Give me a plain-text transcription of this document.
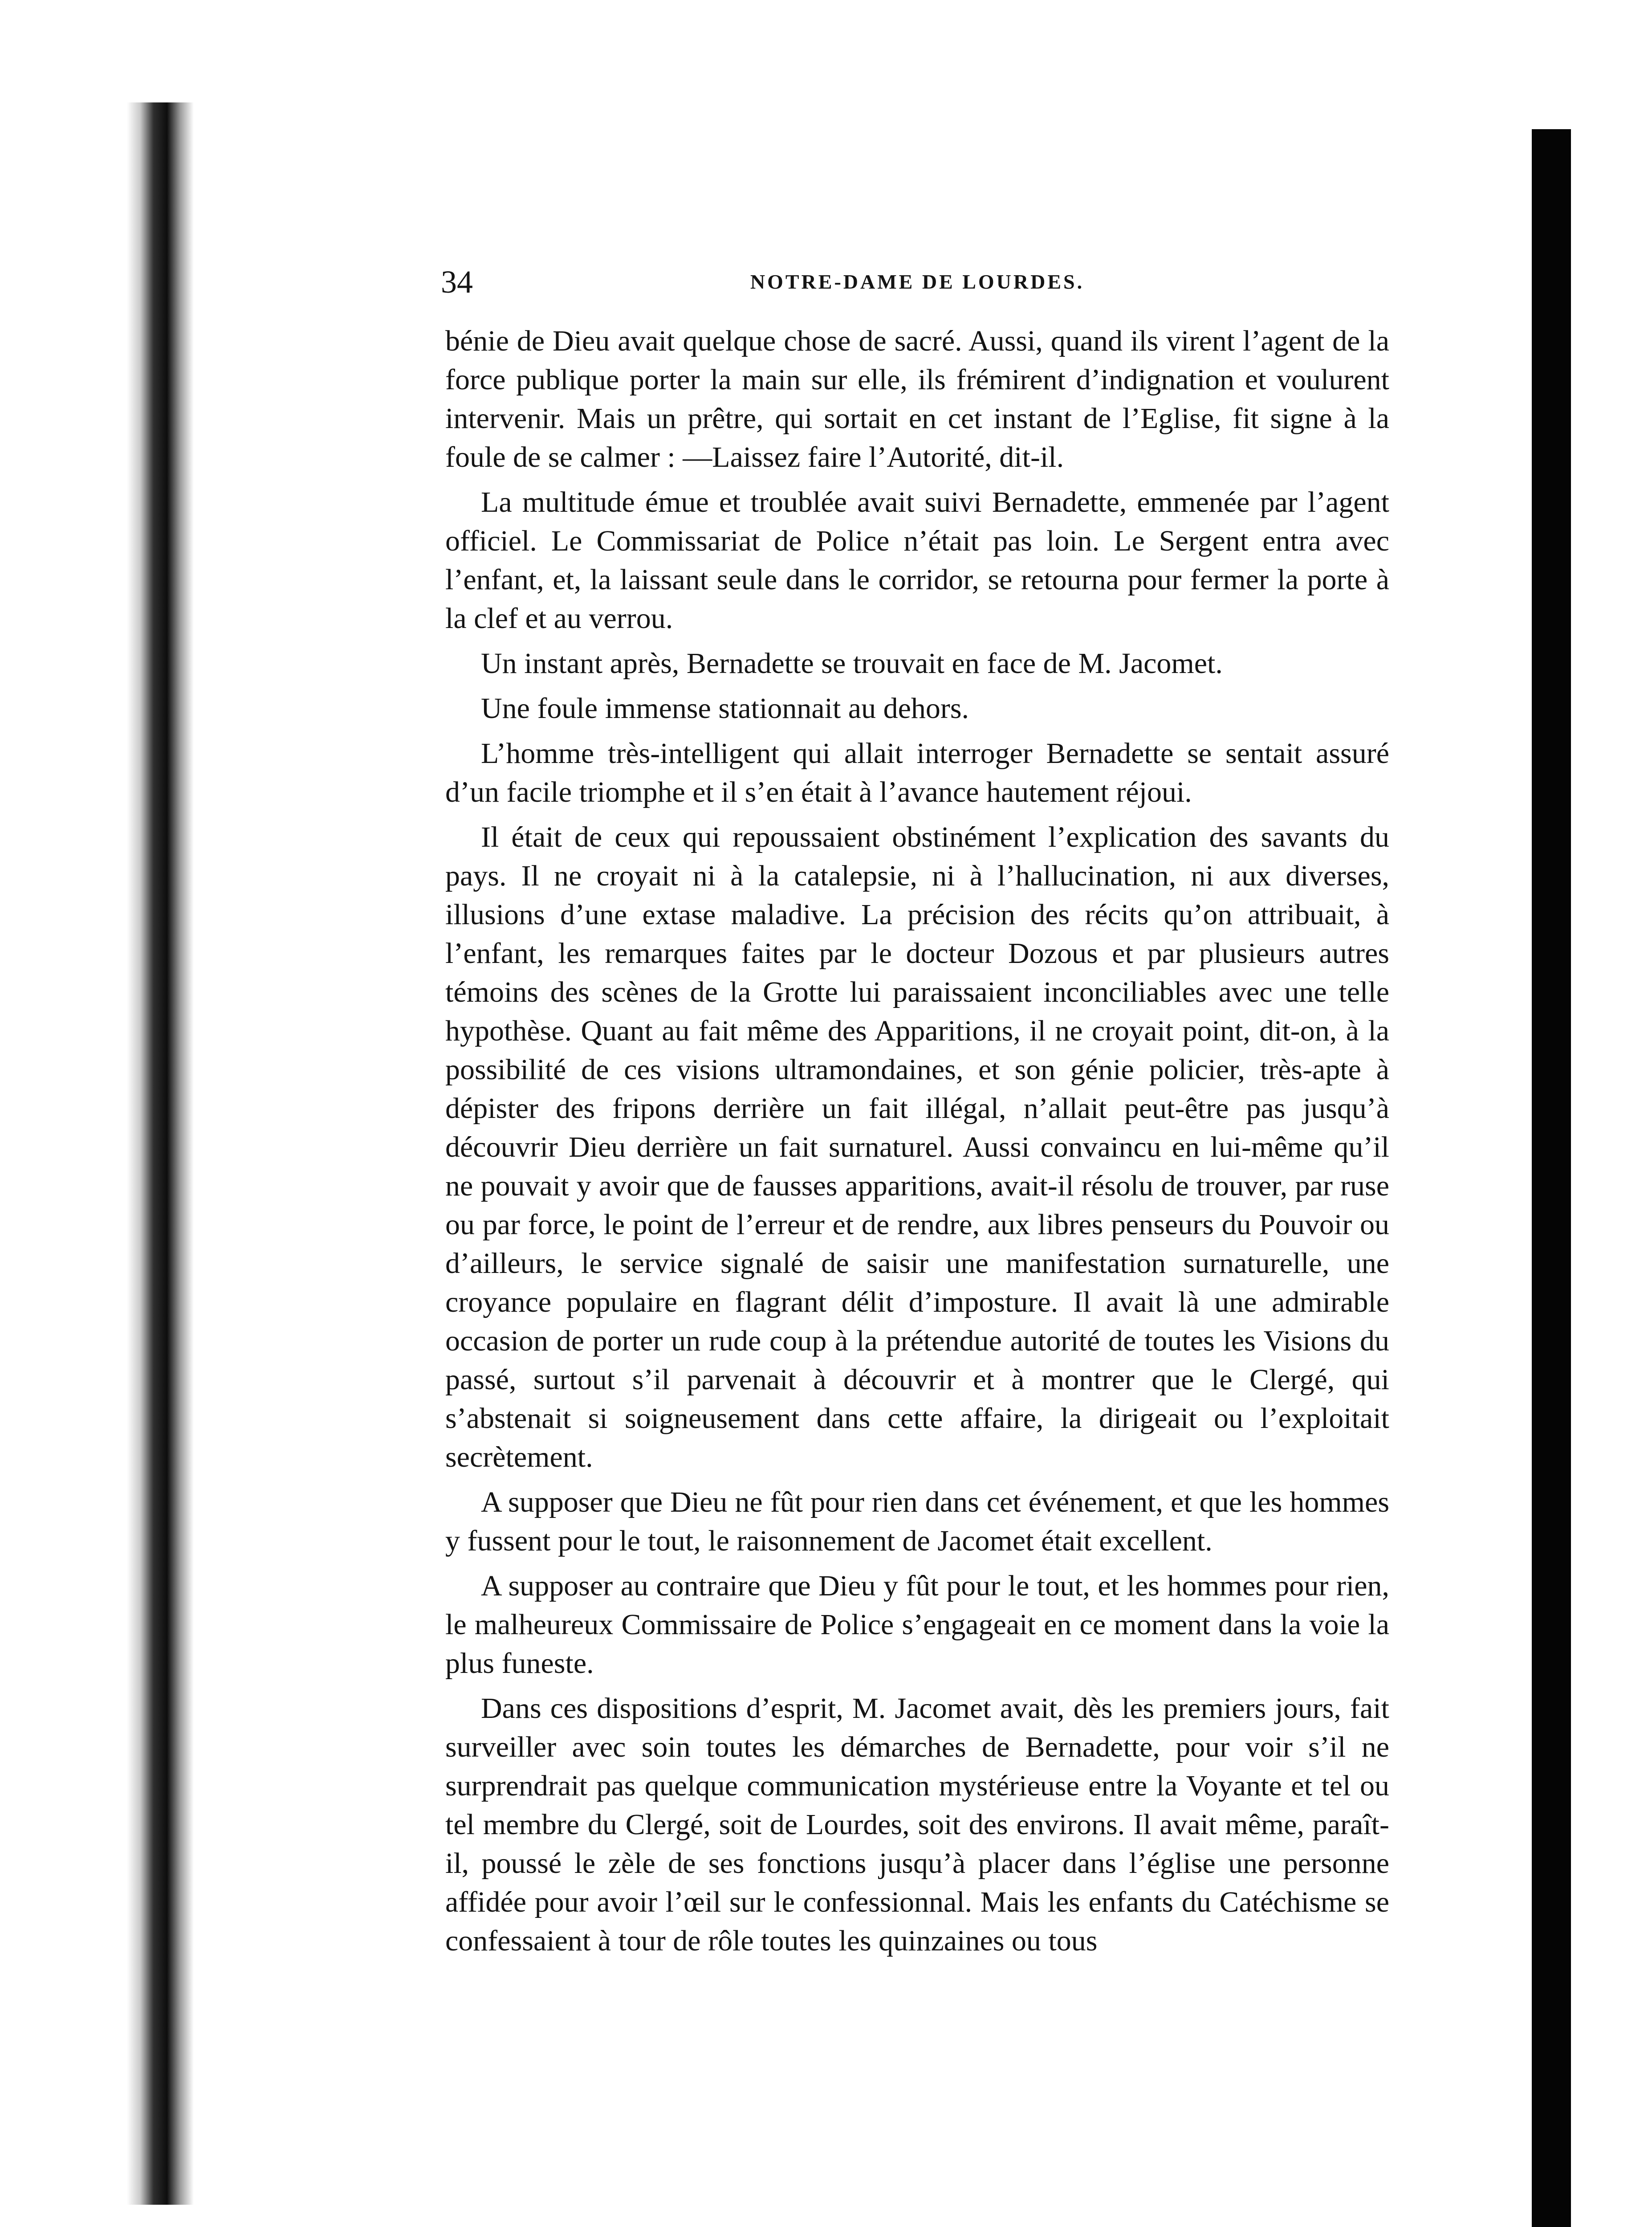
34	NOTRE-DAME DE LOURDES.

bénie de Dieu avait quelque chose de sacré. Aussi, quand ils virent l’agent de la force publique porter la main sur elle, ils frémirent d’indignation et voulurent intervenir. Mais un prêtre, qui sortait en cet instant de l’Eglise, fit signe à la foule de se calmer : —Laissez faire l’Autorité, dit-il.

La multitude émue et troublée avait suivi Bernadette, emmenée par l’agent officiel. Le Commissariat de Police n’était pas loin. Le Sergent entra avec l’enfant, et, la laissant seule dans le corridor, se retourna pour fermer la porte à la clef et au verrou.

Un instant après, Bernadette se trouvait en face de M. Jacomet.

Une foule immense stationnait au dehors.

L’homme très-intelligent qui allait interroger Bernadette se sentait assuré d’un facile triomphe et il s’en était à l’avance hautement réjoui.

Il était de ceux qui repoussaient obstinément l’explication des savants du pays. Il ne croyait ni à la catalepsie, ni à l’hallucination, ni aux diverses, illusions d’une extase maladive. La précision des récits qu’on attribuait, à l’enfant, les remarques faites par le docteur Dozous et par plusieurs autres témoins des scènes de la Grotte lui paraissaient inconciliables avec une telle hypothèse. Quant au fait même des Apparitions, il ne croyait point, dit-on, à la possibilité de ces visions ultramondaines, et son génie policier, très-apte à dépister des fripons derrière un fait illégal, n’allait peut-être pas jusqu’à découvrir Dieu derrière un fait surnaturel. Aussi convaincu en lui-même qu’il ne pouvait y avoir que de fausses apparitions, avait-il résolu de trouver, par ruse ou par force, le point de l’erreur et de rendre, aux libres penseurs du Pouvoir ou d’ailleurs, le service signalé de saisir une manifestation surnaturelle, une croyance populaire en flagrant délit d’imposture. Il avait là une admirable occasion de porter un rude coup à la prétendue autorité de toutes les Visions du passé, surtout s’il parvenait à découvrir et à montrer que le Clergé, qui s’abstenait si soigneusement dans cette affaire, la dirigeait ou l’exploitait secrètement.

A supposer que Dieu ne fût pour rien dans cet événement, et que les hommes y fussent pour le tout, le raisonnement de Jacomet était excellent.

A supposer au contraire que Dieu y fût pour le tout, et les hommes pour rien, le malheureux Commissaire de Police s’engageait en ce moment dans la voie la plus funeste.

Dans ces dispositions d’esprit, M. Jacomet avait, dès les premiers jours, fait surveiller avec soin toutes les démarches de Bernadette, pour voir s’il ne surprendrait pas quelque communication mystérieuse entre la Voyante et tel ou tel membre du Clergé, soit de Lourdes, soit des environs. Il avait même, paraît-il, poussé le zèle de ses fonctions jusqu’à placer dans l’église une personne affidée pour avoir l’œil sur le confessionnal. Mais les enfants du Catéchisme se confessaient à tour de rôle toutes les quinzaines ou tous
